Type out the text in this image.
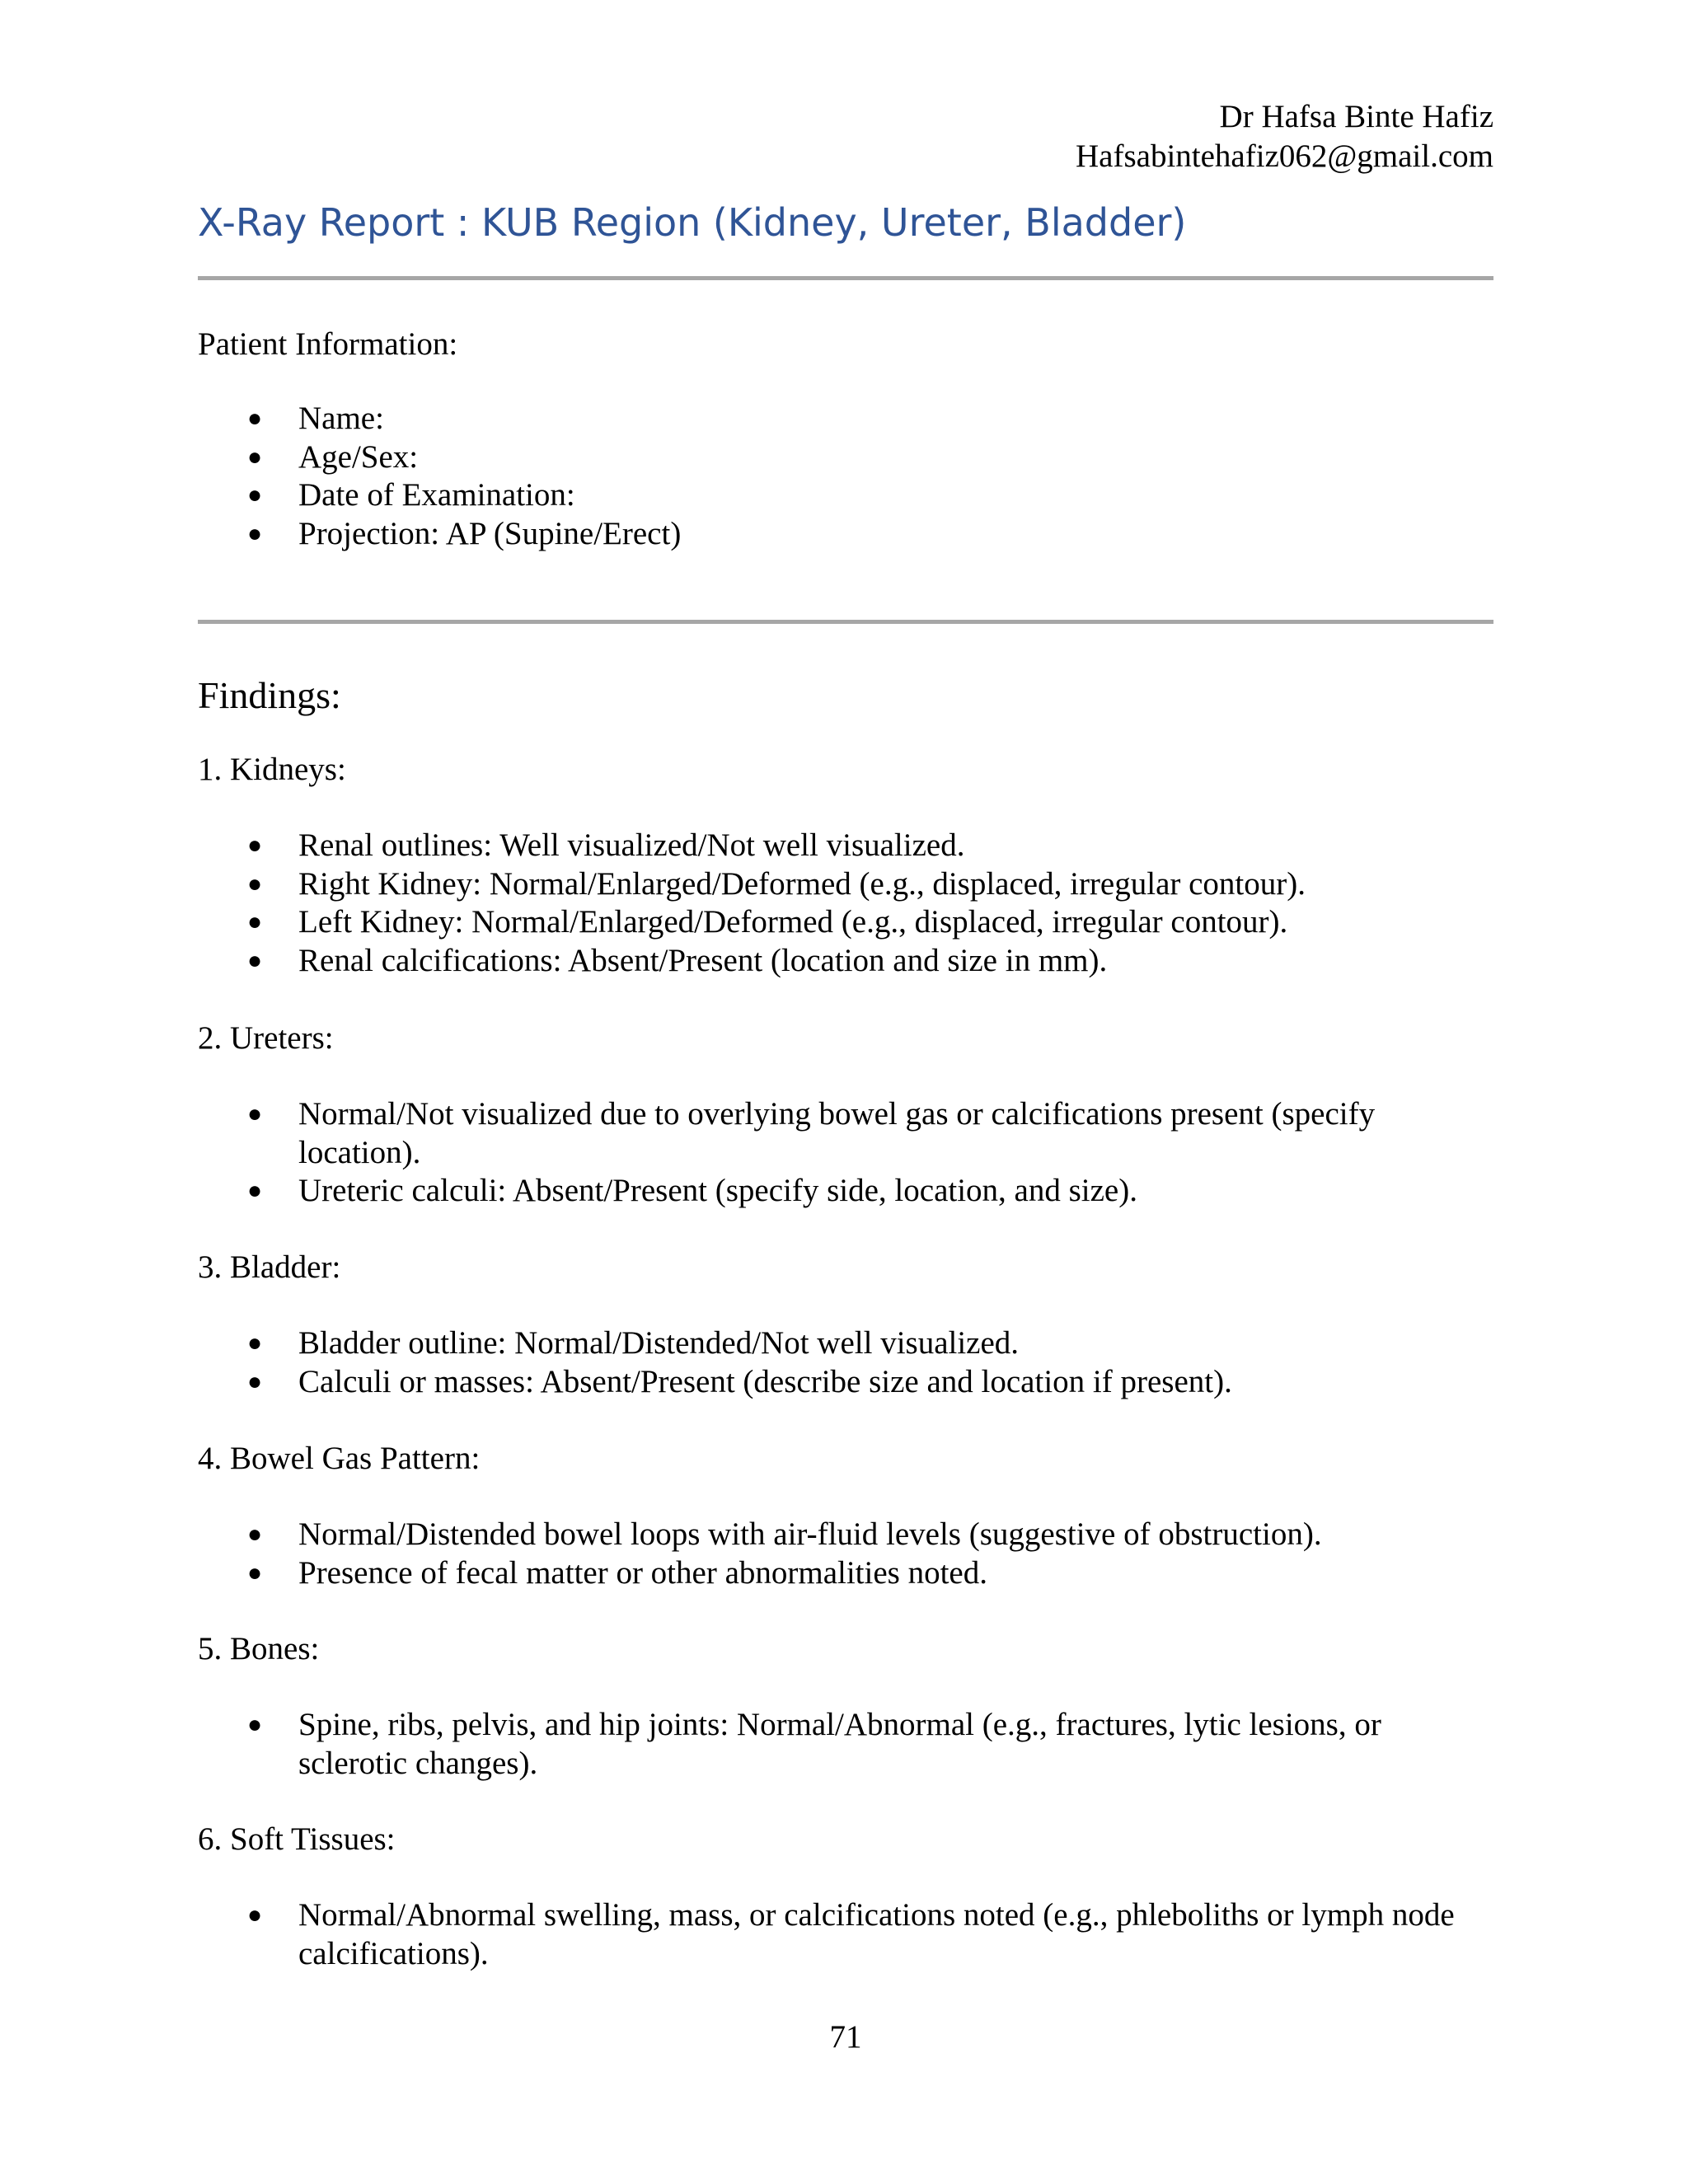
Dr Hafsa Binte Hafiz
Hafsabintehafiz062@gmail.com
X-Ray Report : KUB Region (Kidney, Ureter, Bladder)
Patient Information:
● Name:
● Age/Sex:
● Date of Examination:
● Projection: AP (Supine/Erect)
Findings:
1. Kidneys:
● Renal outlines: Well visualized/Not well visualized.
● Right Kidney: Normal/Enlarged/Deformed (e.g., displaced, irregular contour).
● Left Kidney: Normal/Enlarged/Deformed (e.g., displaced, irregular contour).
● Renal calcifications: Absent/Present (location and size in mm).
2. Ureters:
● Normal/Not visualized due to overlying bowel gas or calcifications present (specify location).
● Ureteric calculi: Absent/Present (specify side, location, and size).
3. Bladder:
● Bladder outline: Normal/Distended/Not well visualized.
● Calculi or masses: Absent/Present (describe size and location if present).
4. Bowel Gas Pattern:
● Normal/Distended bowel loops with air-fluid levels (suggestive of obstruction).
● Presence of fecal matter or other abnormalities noted.
5. Bones:
● Spine, ribs, pelvis, and hip joints: Normal/Abnormal (e.g., fractures, lytic lesions, or sclerotic changes).
6. Soft Tissues:
● Normal/Abnormal swelling, mass, or calcifications noted (e.g., phleboliths or lymph node calcifications).
71
